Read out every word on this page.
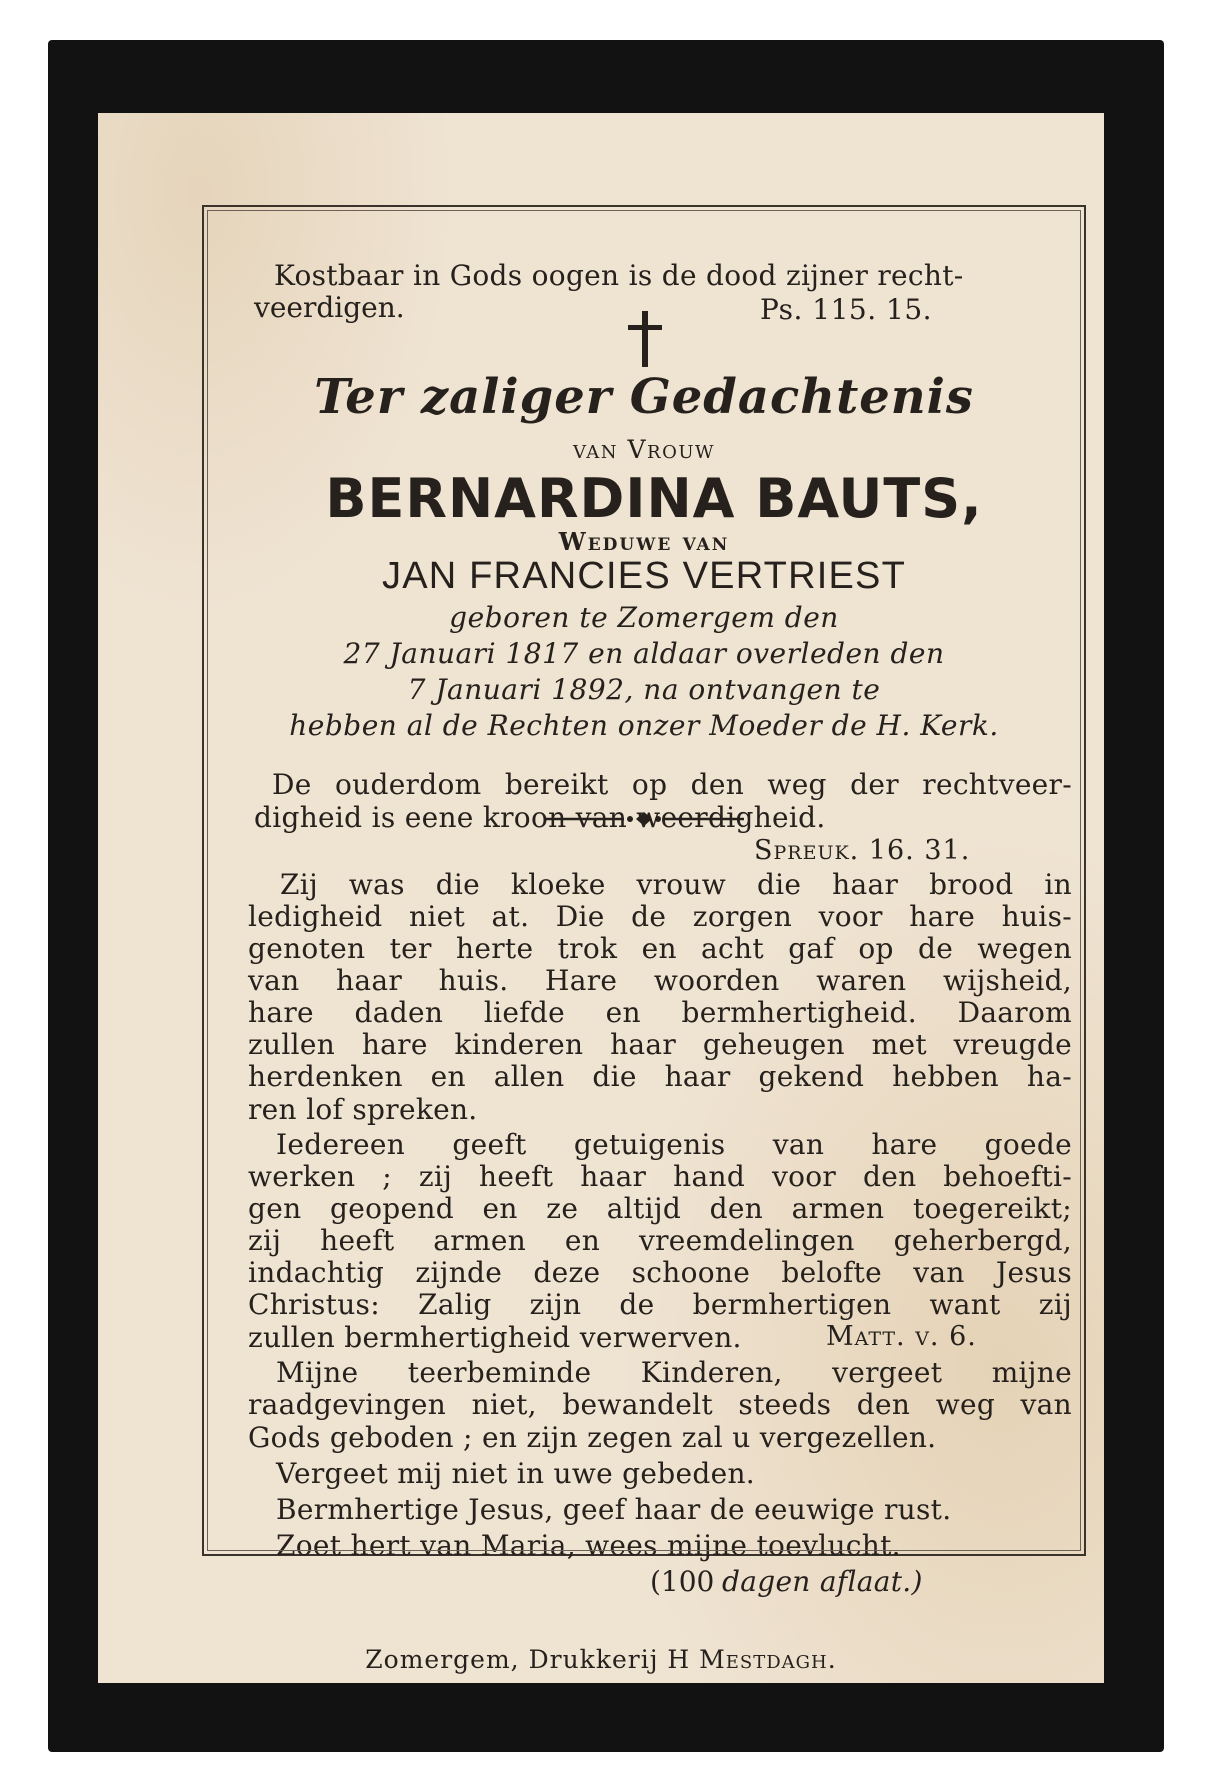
Kostbaar in Gods oogen is de dood zijner recht-
veerdigen.	Ps. 115. 15.
Ter zaliger Gedachtenis
van Vrouw
BERNARDINA BAUTS,
Weduwe van
JAN FRANCIES VERTRIEST
geboren te Zomergem den
27 Januari 1817 en aldaar overleden den
7 Januari 1892, na ontvangen te
hebben al de Rechten onzer Moeder de H. Kerk.
De ouderdom bereikt op den weg der rechtveer-
digheid is eene kroon van weerdigheid.
Spreuk. 16. 31.
Zij was die kloeke vrouw die haar brood in
ledigheid niet at. Die de zorgen voor hare huis-
genoten ter herte trok en acht gaf op de wegen
van haar huis. Hare woorden waren wijsheid,
hare daden liefde en bermhertigheid. Daarom
zullen hare kinderen haar geheugen met vreugde
herdenken en allen die haar gekend hebben ha-
ren lof spreken.
Iedereen geeft getuigenis van hare goede
werken ; zij heeft haar hand voor den behoefti-
gen geopend en ze altijd den armen toegereikt;
zij heeft armen en vreemdelingen geherbergd,
indachtig zijnde deze schoone belofte van Jesus
Christus: Zalig zijn de bermhertigen want zij
zullen bermhertigheid verwerven.	Matt. v. 6.
Mijne teerbeminde Kinderen, vergeet mijne
raadgevingen niet, bewandelt steeds den weg van
Gods geboden ; en zijn zegen zal u vergezellen.
Vergeet mij niet in uwe gebeden.
Bermhertige Jesus, geef haar de eeuwige rust.
Zoet hert van Maria, wees mijne toevlucht.
(100 dagen aflaat.)
Zomergem, Drukkerij H Mestdagh.
